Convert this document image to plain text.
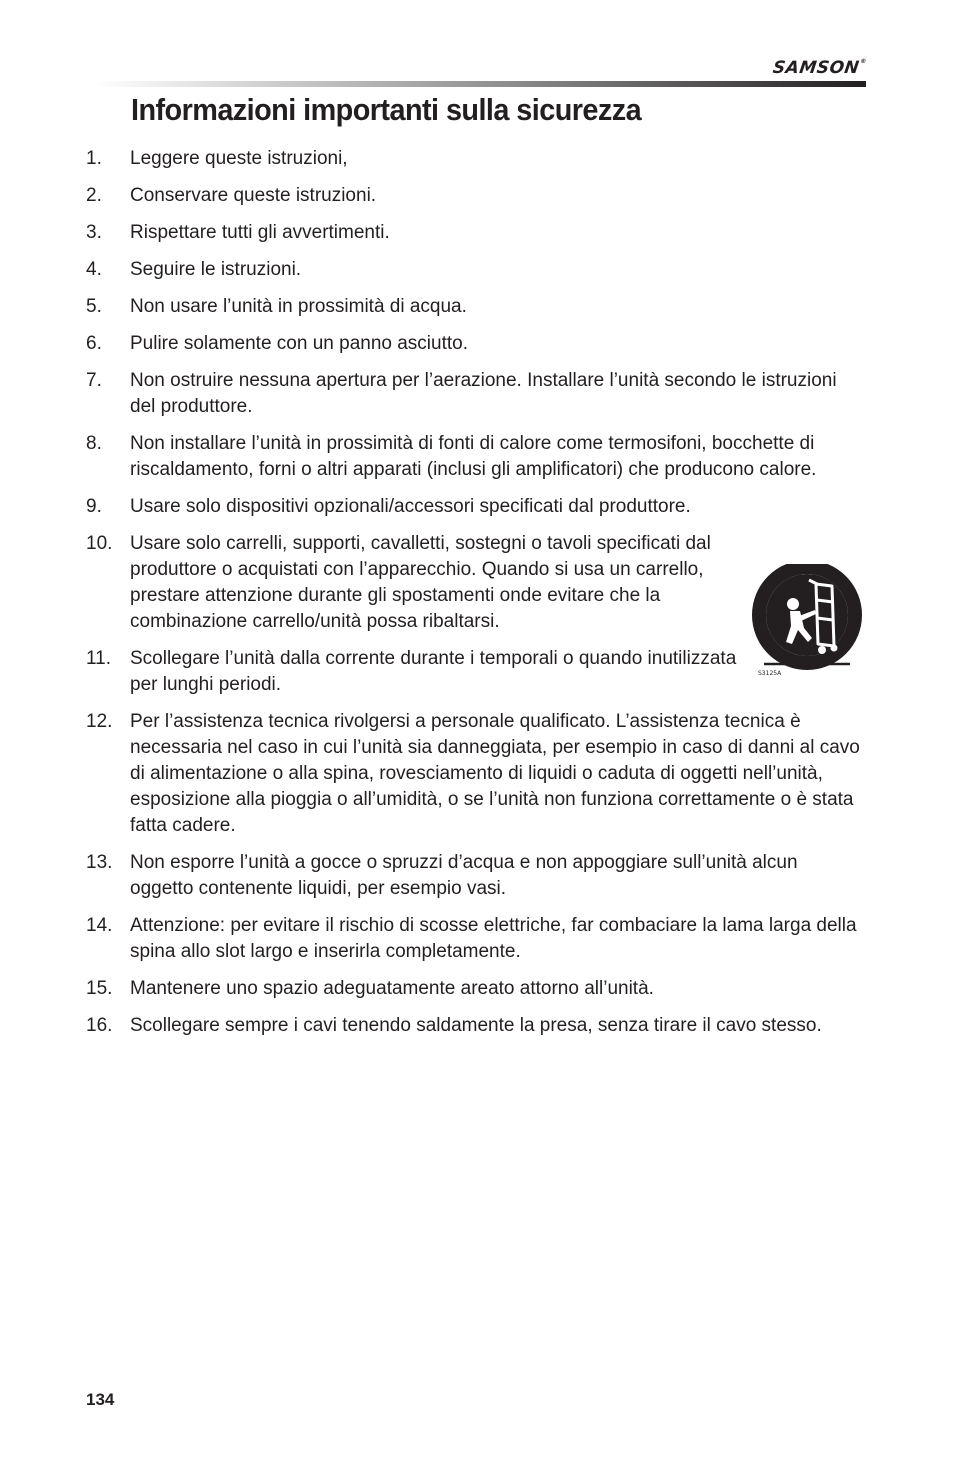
SAMSON®
Informazioni importanti sulla sicurezza
1.	Leggere queste istruzioni,
2.	Conservare queste istruzioni.
3.	Rispettare tutti gli avvertimenti.
4.	Seguire le istruzioni.
5.	Non usare l’unità in prossimità di acqua.
6.	Pulire solamente con un panno asciutto.
7.	Non ostruire nessuna apertura per l’aerazione. Installare l’unità secondo le istruzioni del produttore.
8.	Non installare l’unità in prossimità di fonti di calore come termosifoni, bocchette di riscaldamento, forni o altri apparati (inclusi gli amplificatori) che producono calore.
9.	Usare solo dispositivi opzionali/accessori specificati dal produttore.
10. Usare solo carrelli, supporti, cavalletti, sostegni o tavoli specificati dal produttore o acquistati con l’apparecchio. Quando si usa un carrello, prestare attenzione durante gli spostamenti onde evitare che la combinazione carrello/unità possa ribaltarsi.
11. Scollegare l’unità dalla corrente durante i temporali o quando inutilizzata per lunghi periodi.
12. Per l’assistenza tecnica rivolgersi a personale qualificato. L’assistenza tecnica è necessaria nel caso in cui l’unità sia danneggiata, per esempio in caso di danni al cavo di alimentazione o alla spina, rovesciamento di liquidi o caduta di oggetti nell’unità, esposizione alla pioggia o all’umidità, o se l’unità non funziona correttamente o è stata fatta cadere.
13. Non esporre l’unità a gocce o spruzzi d’acqua e non appoggiare sull’unità alcun oggetto contenente liquidi, per esempio vasi.
14. Attenzione: per evitare il rischio di scosse elettriche, far combaciare la lama larga della spina allo slot largo e inserirla completamente.
15. Mantenere uno spazio adeguatamente areato attorno all’unità.
16. Scollegare sempre i cavi tenendo saldamente la presa, senza tirare il cavo stesso.
S3125A
134
